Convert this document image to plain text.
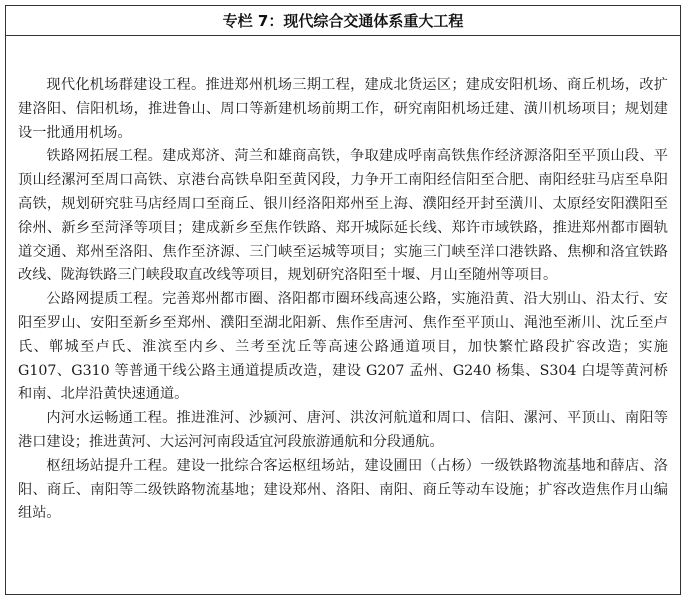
专栏 7：现代综合交通体系重大工程

现代化机场群建设工程。推进郑州机场三期工程，建成北货运区；建成安阳机场、商丘机场，改扩建洛阳、信阳机场，推进鲁山、周口等新建机场前期工作，研究南阳机场迁建、潢川机场项目；规划建设一批通用机场。

铁路网拓展工程。建成郑济、菏兰和雄商高铁，争取建成呼南高铁焦作经济源洛阳至平顶山段、平顶山经漯河至周口高铁、京港台高铁阜阳至黄冈段，力争开工南阳经信阳至合肥、南阳经驻马店至阜阳高铁，规划研究驻马店经周口至商丘、银川经洛阳郑州至上海、濮阳经开封至潢川、太原经安阳濮阳至徐州、新乡至菏泽等项目；建成新乡至焦作铁路、郑开城际延长线、郑许市域铁路，推进郑州都市圈轨道交通、郑州至洛阳、焦作至济源、三门峡至运城等项目；实施三门峡至洋口港铁路、焦柳和洛宜铁路改线、陇海铁路三门峡段取直改线等项目，规划研究洛阳至十堰、月山至随州等项目。

公路网提质工程。完善郑州都市圈、洛阳都市圈环线高速公路，实施沿黄、沿大别山、沿太行、安阳至罗山、安阳至新乡至郑州、濮阳至湖北阳新、焦作至唐河、焦作至平顶山、渑池至淅川、沈丘至卢氏、郸城至卢氏、淮滨至内乡、兰考至沈丘等高速公路通道项目，加快繁忙路段扩容改造；实施 G107、G310 等普通干线公路主通道提质改造，建设 G207 孟州、G240 杨集、S304 白堤等黄河桥和南、北岸沿黄快速通道。

内河水运畅通工程。推进淮河、沙颍河、唐河、洪汝河航道和周口、信阳、漯河、平顶山、南阳等港口建设；推进黄河、大运河河南段适宜河段旅游通航和分段通航。

枢纽场站提升工程。建设一批综合客运枢纽场站，建设圃田（占杨）一级铁路物流基地和薛店、洛阳、商丘、南阳等二级铁路物流基地；建设郑州、洛阳、南阳、商丘等动车设施；扩容改造焦作月山编组站。
